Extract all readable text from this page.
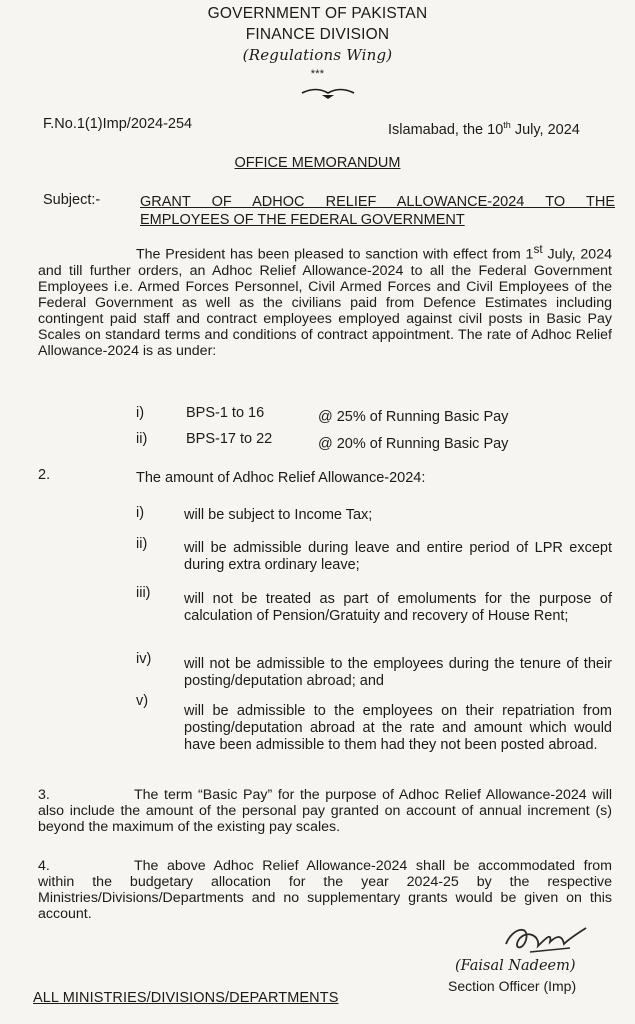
GOVERNMENT OF PAKISTAN
FINANCE DIVISION
(Regulations Wing)
***
F.No.1(1)Imp/2024-254	Islamabad, the 10th July, 2024
OFFICE MEMORANDUM
Subject:-	GRANT OF ADHOC RELIEF ALLOWANCE-2024 TO THE
EMPLOYEES OF THE FEDERAL GOVERNMENT
The President has been pleased to sanction with effect from 1st July, 2024 and till further orders, an Adhoc Relief Allowance-2024 to all the Federal Government Employees i.e. Armed Forces Personnel, Civil Armed Forces and Civil Employees of the Federal Government as well as the civilians paid from Defence Estimates including contingent paid staff and contract employees employed against civil posts in Basic Pay Scales on standard terms and conditions of contract appointment. The rate of Adhoc Relief Allowance-2024 is as under:
i)	BPS-1 to 16	@ 25% of Running Basic Pay
ii)	BPS-17 to 22	@ 20% of Running Basic Pay
2.	The amount of Adhoc Relief Allowance-2024:
i)	will be subject to Income Tax;
ii)	will be admissible during leave and entire period of LPR except during extra ordinary leave;
iii) will not be treated as part of emoluments for the purpose of calculation of Pension/Gratuity and recovery of House Rent;
iv) will not be admissible to the employees during the tenure of their posting/deputation abroad; and
v)
will be admissible to the employees on their repatriation from posting/deputation abroad at the rate and amount which would have been admissible to them had they not been posted abroad.
3.	The term “Basic Pay” for the purpose of Adhoc Relief Allowance-2024 will also include the amount of the personal pay granted on account of annual increment (s) beyond the maximum of the existing pay scales.
4.	The above Adhoc Relief Allowance-2024 shall be accommodated from within the budgetary allocation for the year 2024-25 by the respective Ministries/Divisions/Departments and no supplementary grants would be given on this account.
(Faisal Nadeem)
Section Officer (Imp)
ALL MINISTRIES/DIVISIONS/DEPARTMENTS
